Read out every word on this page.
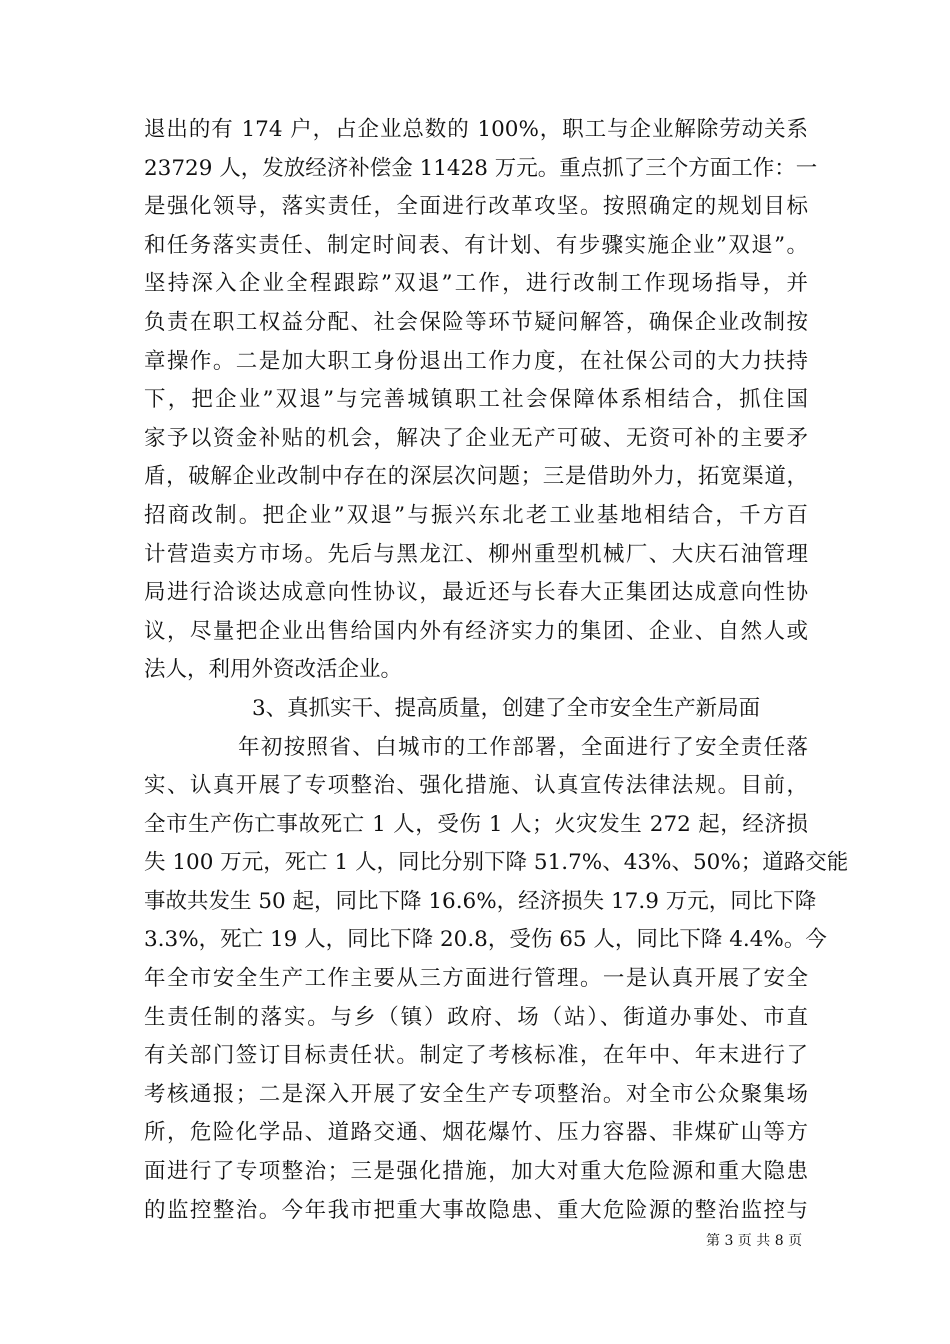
退出的有 174 户，占企业总数的 100%，职工与企业解除劳动关系
23729 人，发放经济补偿金 11428 万元。重点抓了三个方面工作：一
是强化领导，落实责任，全面进行改革攻坚。按照确定的规划目标
和任务落实责任、制定时间表、有计划、有步骤实施企业”双退”。
坚持深入企业全程跟踪”双退”工作，进行改制工作现场指导，并
负责在职工权益分配、社会保险等环节疑问解答，确保企业改制按
章操作。二是加大职工身份退出工作力度，在社保公司的大力扶持
下，把企业”双退”与完善城镇职工社会保障体系相结合，抓住国
家予以资金补贴的机会，解决了企业无产可破、无资可补的主要矛
盾，破解企业改制中存在的深层次问题；三是借助外力，拓宽渠道，
招商改制。把企业”双退”与振兴东北老工业基地相结合，千方百
计营造卖方市场。先后与黑龙江、柳州重型机械厂、大庆石油管理
局进行洽谈达成意向性协议，最近还与长春大正集团达成意向性协
议，尽量把企业出售给国内外有经济实力的集团、企业、自然人或
法人，利用外资改活企业。
3、真抓实干、提高质量，创建了全市安全生产新局面
年初按照省、白城市的工作部署，全面进行了安全责任落
实、认真开展了专项整治、强化措施、认真宣传法律法规。目前，
全市生产伤亡事故死亡 1 人，受伤 1 人；火灾发生 272 起，经济损
失 100 万元，死亡 1 人，同比分别下降 51.7%、43%、50%；道路交能
事故共发生 50 起，同比下降 16.6%，经济损失 17.9 万元，同比下降
3.3%，死亡 19 人，同比下降 20.8，受伤 65 人，同比下降 4.4%。今
年全市安全生产工作主要从三方面进行管理。一是认真开展了安全
生责任制的落实。与乡（镇）政府、场（站）、街道办事处、市直
有关部门签订目标责任状。制定了考核标准，在年中、年末进行了
考核通报；二是深入开展了安全生产专项整治。对全市公众聚集场
所，危险化学品、道路交通、烟花爆竹、压力容器、非煤矿山等方
面进行了专项整治；三是强化措施，加大对重大危险源和重大隐患
的监控整治。今年我市把重大事故隐患、重大危险源的整治监控与
第 3 页 共 8 页
